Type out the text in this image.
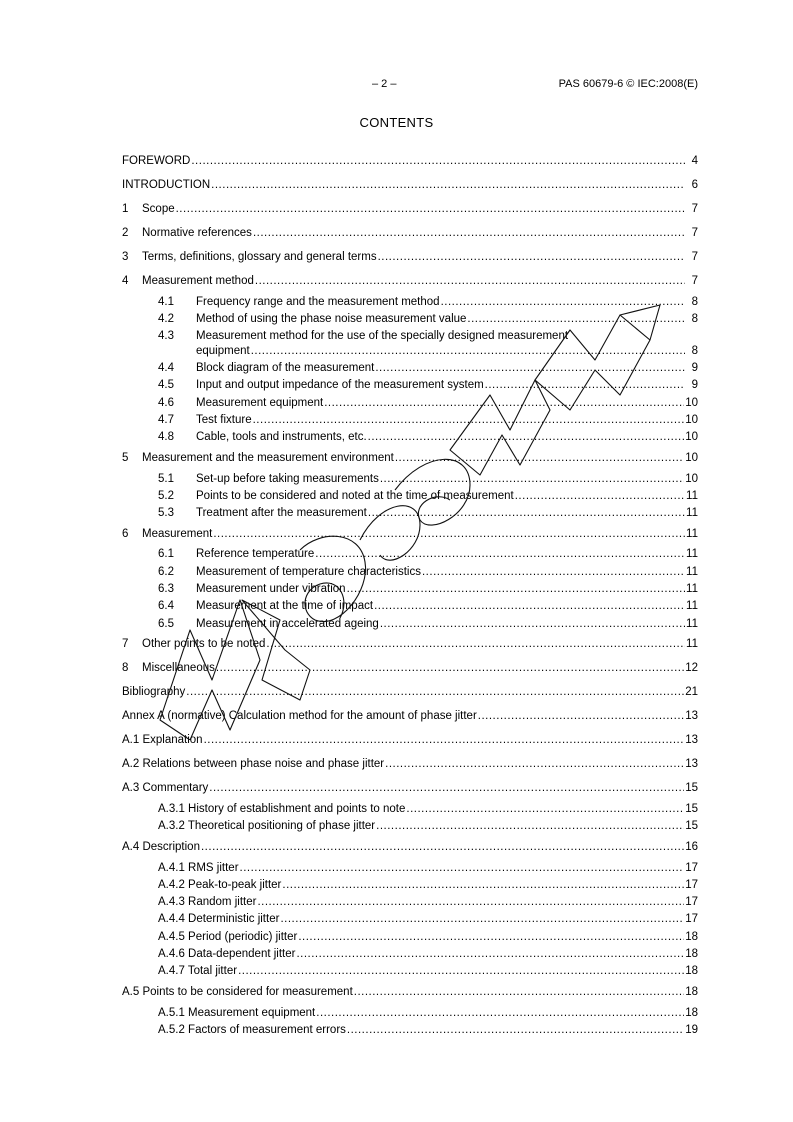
– 2 –	PAS 60679-6 © IEC:2008(E)
CONTENTS
FOREWORD .....	4
INTRODUCTION .....	6
1	Scope .....	7
2	Normative references .....	7
3	Terms, definitions, glossary and general terms .....	7
4	Measurement method .....	7
4.1	Frequency range and the measurement method .....	8
4.2	Method of using the phase noise measurement value .....	8
4.3 Measurement method for the use of the specially designed measurement
equipment .....	8
4.4	Block diagram of the measurement .....	9
4.5	Input and output impedance of the measurement system .....	9
4.6	Measurement equipment .....	10
4.7	Test fixture .....	10
4.8	Cable, tools and instruments, etc. .....	10
5	Measurement and the measurement environment .....	10
5.1	Set-up before taking measurements .....	10
5.2	Points to be considered and noted at the time of measurement .....	11
5.3	Treatment after the measurement .....	11
6	Measurement .....	11
6.1	Reference temperature .....	11
6.2	Measurement of temperature characteristics .....	11
6.3	Measurement under vibration .....	11
6.4	Measurement at the time of impact .....	11
6.5	Measurement in accelerated ageing .....	11
7	Other points to be noted .....	11
8	Miscellaneous .....	12
Bibliography .....	21
Annex A (normative) Calculation method for the amount of phase jitter .....	13
A.1 Explanation .....	13
A.2 Relations between phase noise and phase jitter .....	13
A.3 Commentary .....	15
A.3.1 History of establishment and points to note .....	15
A.3.2 Theoretical positioning of phase jitter .....	15
A.4 Description .....	16
A.4.1 RMS jitter .....	17
A.4.2 Peak-to-peak jitter .....	17
A.4.3 Random jitter .....	17
A.4.4 Deterministic jitter .....	17
A.4.5 Period (periodic) jitter .....	18
A.4.6 Data-dependent jitter .....	18
A.4.7 Total jitter .....	18
A.5 Points to be considered for measurement .....	18
A.5.1 Measurement equipment .....	18
A.5.2 Factors of measurement errors .....	19
iTeh Standards
